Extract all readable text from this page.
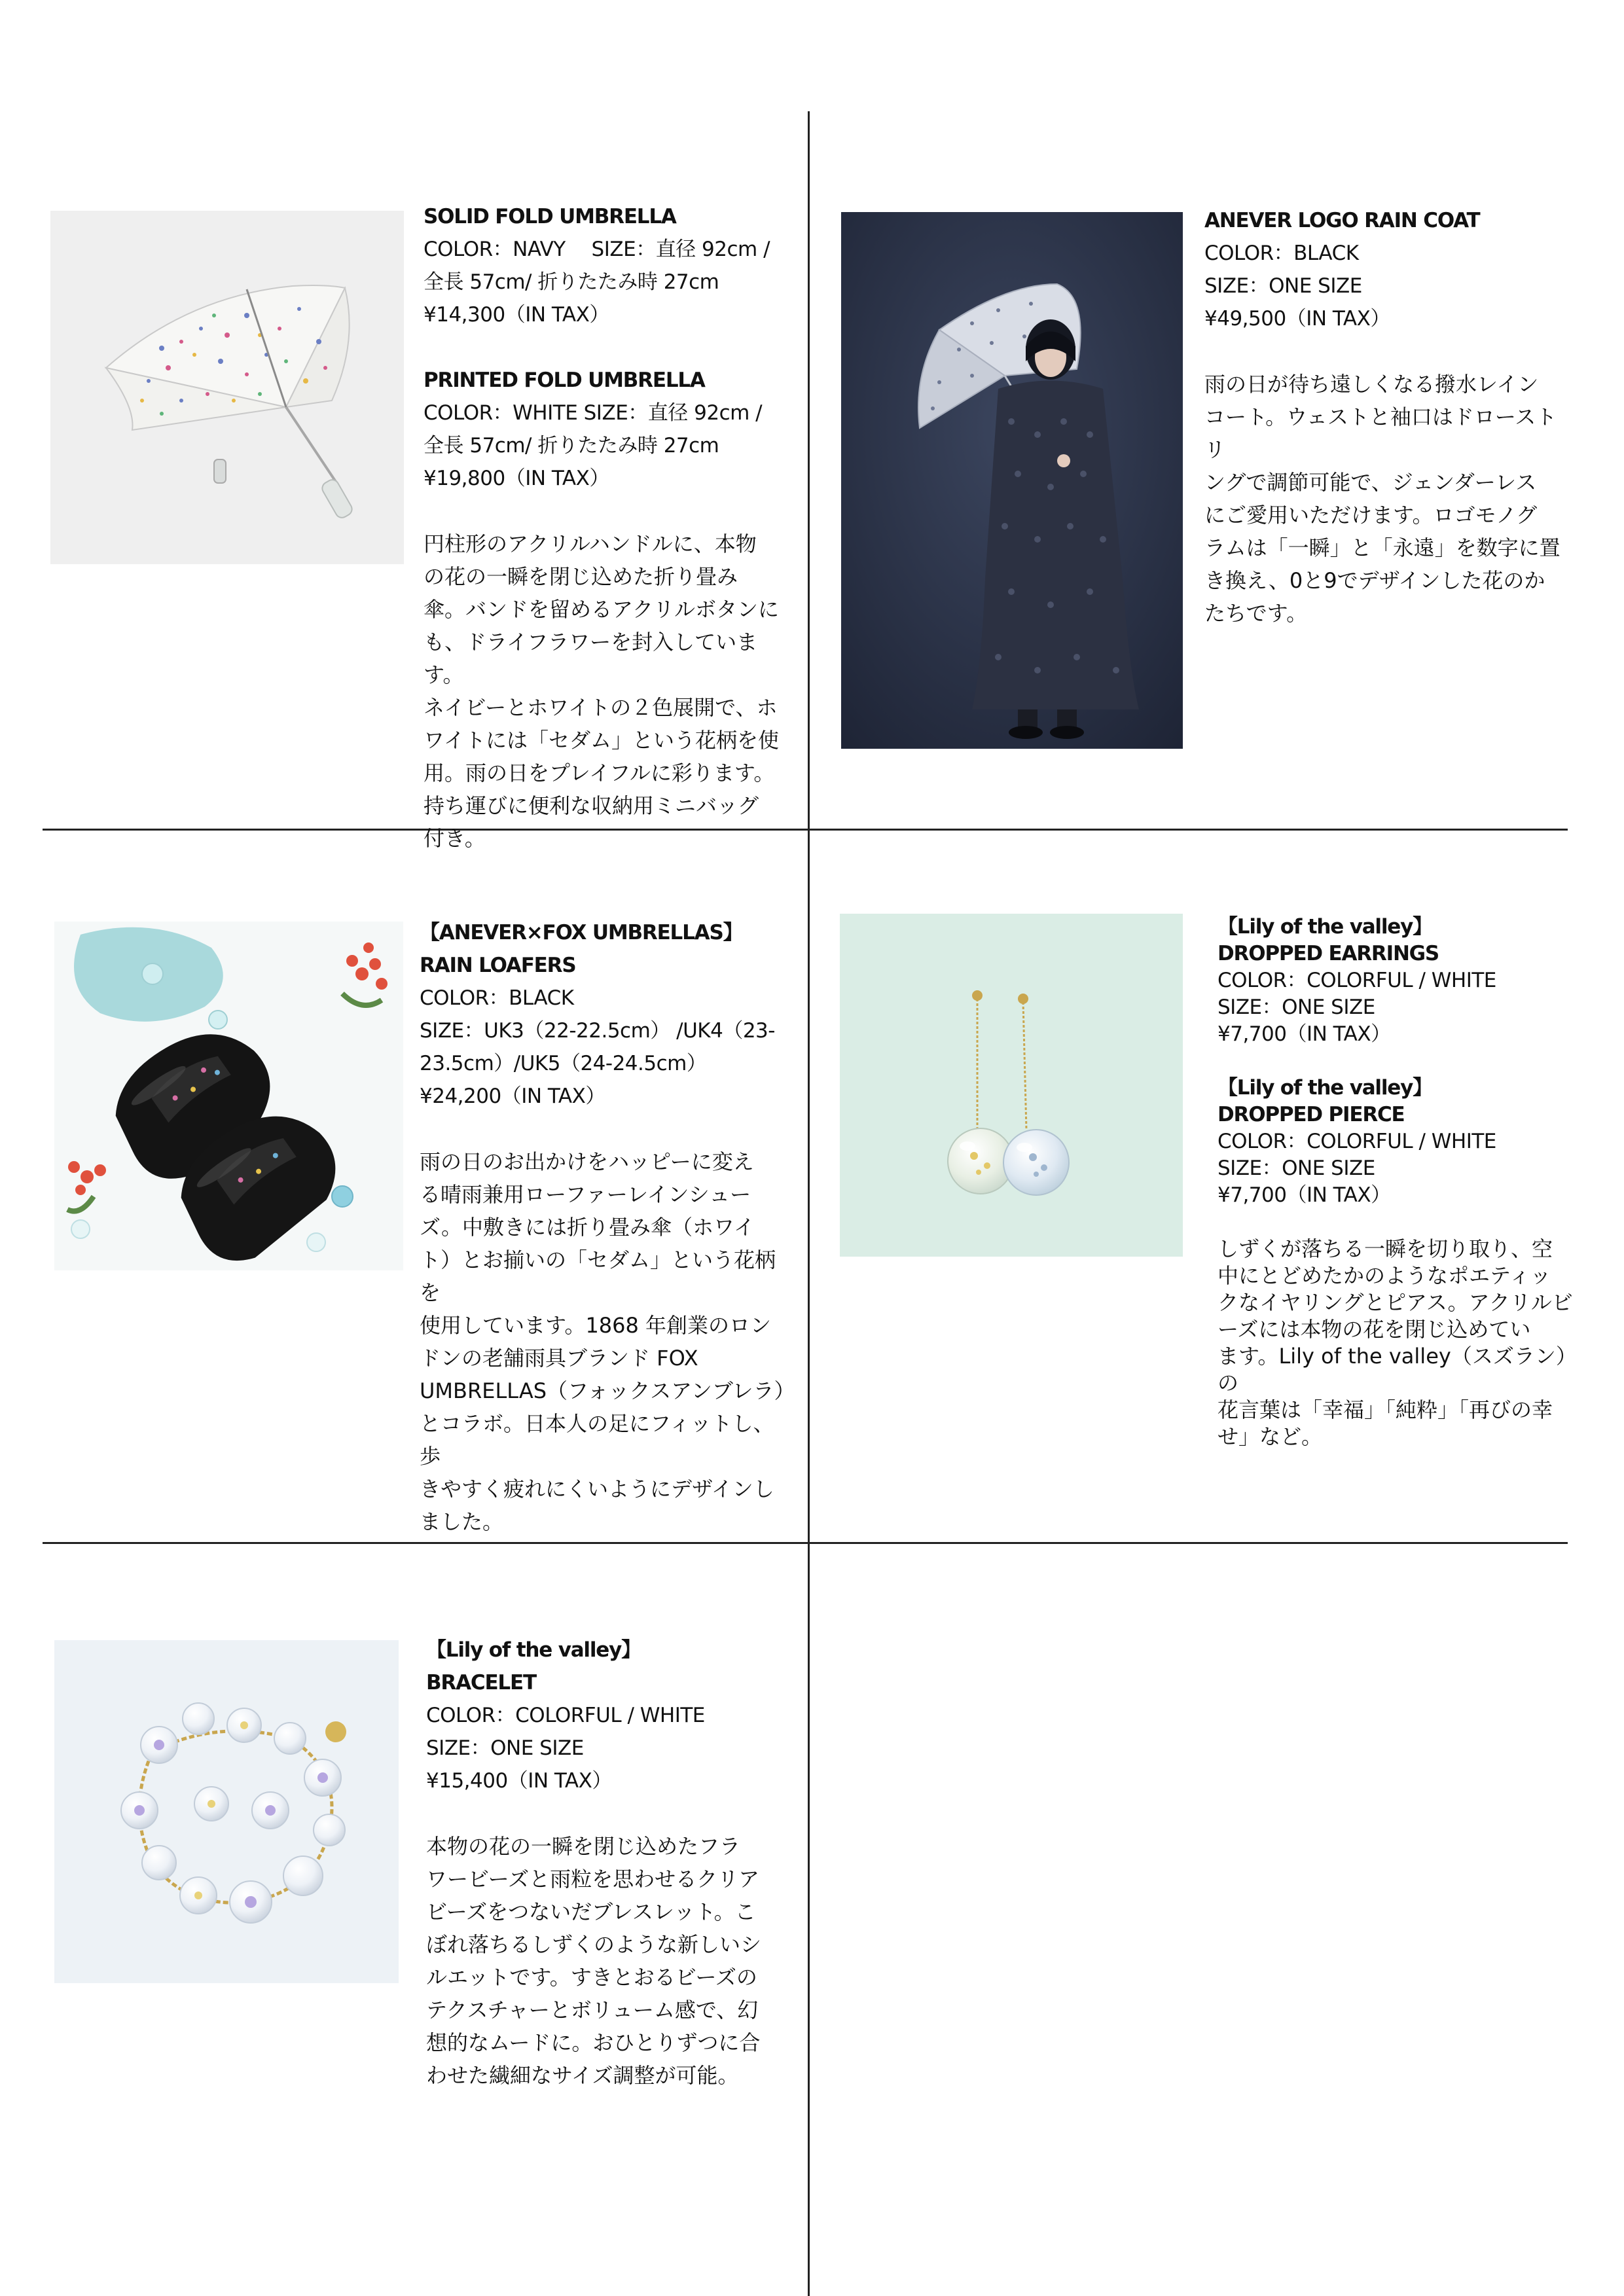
SOLID FOLD UMBRELLA
COLOR：NAVY　 SIZE：直径 92cm /
全長 57cm/ 折りたたみ時 27cm
¥14,300（IN TAX）
PRINTED FOLD UMBRELLA
COLOR：WHITE SIZE：直径 92cm /
全長 57cm/ 折りたたみ時 27cm
¥19,800（IN TAX）

円柱形のアクリルハンドルに、本物

の花の一瞬を閉じ込めた折り畳み

傘。バンドを留めるアクリルボタンに

も、ドライフラワーを封入しています。

ネイビーとホワイトの２色展開で、ホ

ワイトには「セダム」という花柄を使

用。雨の日をプレイフルに彩ります。

持ち運びに便利な収納用ミニバッグ

付き。

ANEVER LOGO RAIN COAT
COLOR：BLACK
SIZE：ONE SIZE
¥49,500（IN TAX）

雨の日が待ち遠しくなる撥水レイン

コート。ウェストと袖口はドローストリ

ングで調節可能で、ジェンダーレス

にご愛用いただけます。ロゴモノグ

ラムは「一瞬」と「永遠」を数字に置

き換え、0と9でデザインした花のか

たちです。

【ANEVER×FOX UMBRELLAS】
RAIN LOAFERS
COLOR：BLACK
SIZE：UK3（22-22.5cm） /UK4（23-
23.5cm）/UK5（24-24.5cm）
¥24,200（IN TAX）

雨の日のお出かけをハッピーに変え

る晴雨兼用ローファーレインシュー

ズ。中敷きには折り畳み傘（ホワイ

ト）とお揃いの「セダム」という花柄を

使用しています。1868 年創業のロン

ドンの老舗雨具ブランド FOX

UMBRELLAS（フォックスアンブレラ）

とコラボ。日本人の足にフィットし、歩

きやすく疲れにくいようにデザインし

ました。

【Lily of the valley】
DROPPED EARRINGS
COLOR：COLORFUL / WHITE
SIZE：ONE SIZE
¥7,700（IN TAX）
【Lily of the valley】
DROPPED PIERCE
COLOR：COLORFUL / WHITE
SIZE：ONE SIZE
¥7,700（IN TAX）

しずくが落ちる一瞬を切り取り、空

中にとどめたかのようなポエティッ

クなイヤリングとピアス。アクリルビ

ーズには本物の花を閉じ込めてい

ます。Lily of the valley（スズラン）の

花言葉は「幸福」「純粋」「再びの幸

せ」など。

【Lily of the valley】
BRACELET
COLOR：COLORFUL / WHITE
SIZE：ONE SIZE
¥15,400（IN TAX）

本物の花の一瞬を閉じ込めたフラ

ワービーズと雨粒を思わせるクリア

ビーズをつないだブレスレット。こ

ぼれ落ちるしずくのような新しいシ

ルエットです。すきとおるビーズの

テクスチャーとボリューム感で、幻

想的なムードに。おひとりずつに合

わせた繊細なサイズ調整が可能。
